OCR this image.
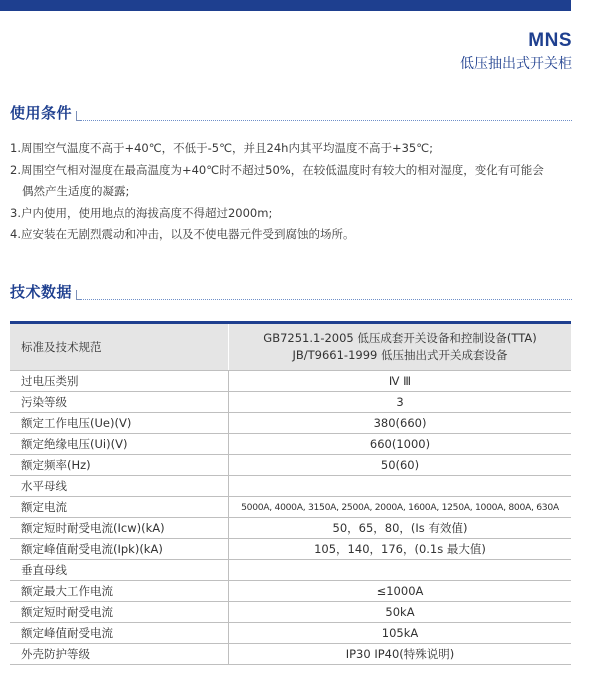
MNS
低压抽出式开关柜
使用条件
1.周围空气温度不高于+40℃，不低于-5℃，并且24h内其平均温度不高于+35℃;
2.周围空气相对湿度在最高温度为+40℃时不超过50%，在较低温度时有较大的相对湿度，变化有可能会
偶然产生适度的凝露;
3.户内使用，使用地点的海拔高度不得超过2000m;
4.应安装在无剧烈震动和冲击，以及不使电器元件受到腐蚀的场所。
技术数据
标准及技术规范	GB7251.1-2005 低压成套开关设备和控制设备(TTA)
JB/T9661-1999 低压抽出式开关成套设备

过电压类别	Ⅳ Ⅲ
污染等级	3
额定工作电压(Ue)(V)	380(660)
额定绝缘电压(Ui)(V)	660(1000)
额定频率(Hz)	50(60)
水平母线	
额定电流	5000A, 4000A, 3150A, 2500A, 2000A, 1600A, 1250A, 1000A, 800A, 630A
额定短时耐受电流(Icw)(kA)	50，65，80，(Is 有效值)
额定峰值耐受电流(Ipk)(kA)	105，140，176，(0.1s 最大值)
垂直母线	
额定最大工作电流	≤1000A
额定短时耐受电流	50kA
额定峰值耐受电流	105kA
外壳防护等级	IP30 IP40(特殊说明)
